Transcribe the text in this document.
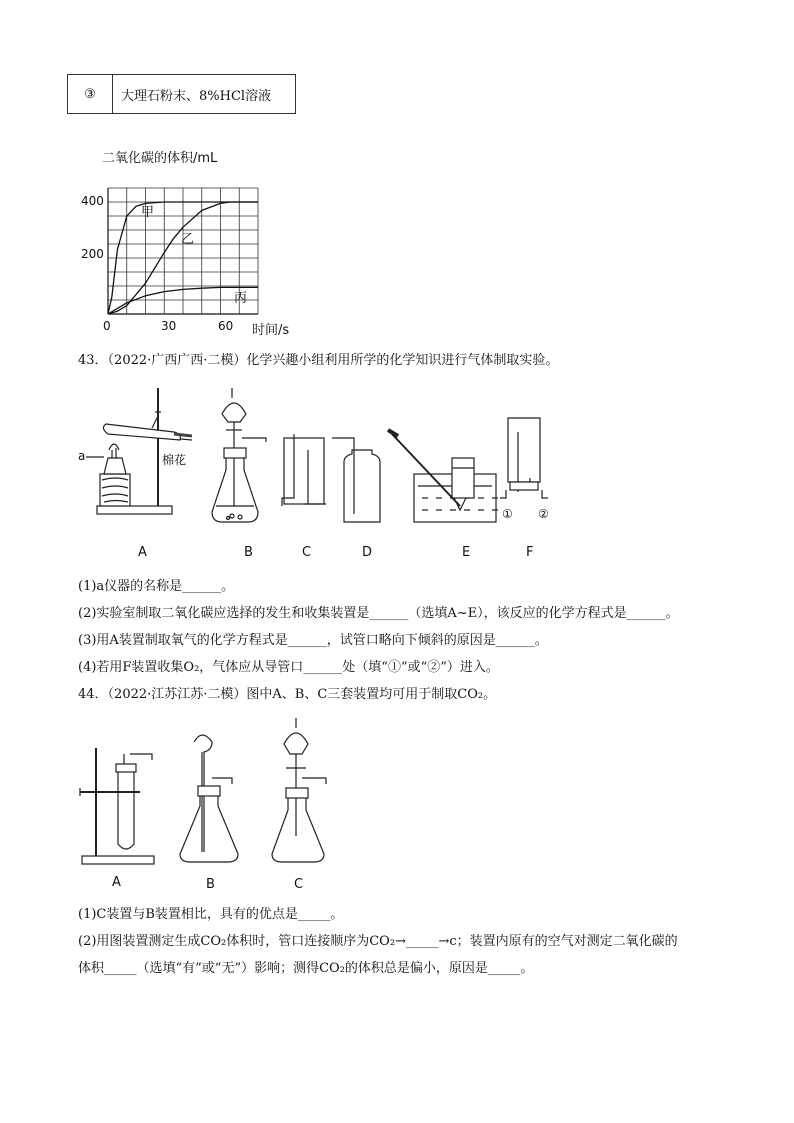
③	大理石粉末、8%HCl溶液
二氧化碳的体积/mL
400
200
0	30	60 时间/s
甲
乙
丙
43．（2022·广西广西·二模）化学兴趣小组利用所学的化学知识进行气体制取实验。
a	棉花
① ②
A	B	C	D	E	F
(1)a仪器的名称是______。
(2)实验室制取二氧化碳应选择的发生和收集装置是______（选填A~E），该反应的化学方程式是______。
(3)用A装置制取氧气的化学方程式是______，试管口略向下倾斜的原因是______。
(4)若用F装置收集O₂，气体应从导管口______处（填“①”或“②”）进入。
44．（2022·江苏江苏·二模）图中A、B、C三套装置均可用于制取CO₂。
A	B	C
(1)C装置与B装置相比，具有的优点是_____。
(2)用图装置测定生成CO₂体积时，管口连接顺序为CO₂→_____→c；装置内原有的空气对测定二氧化碳的
体积_____（选填“有”或“无”）影响；测得CO₂的体积总是偏小，原因是_____。
